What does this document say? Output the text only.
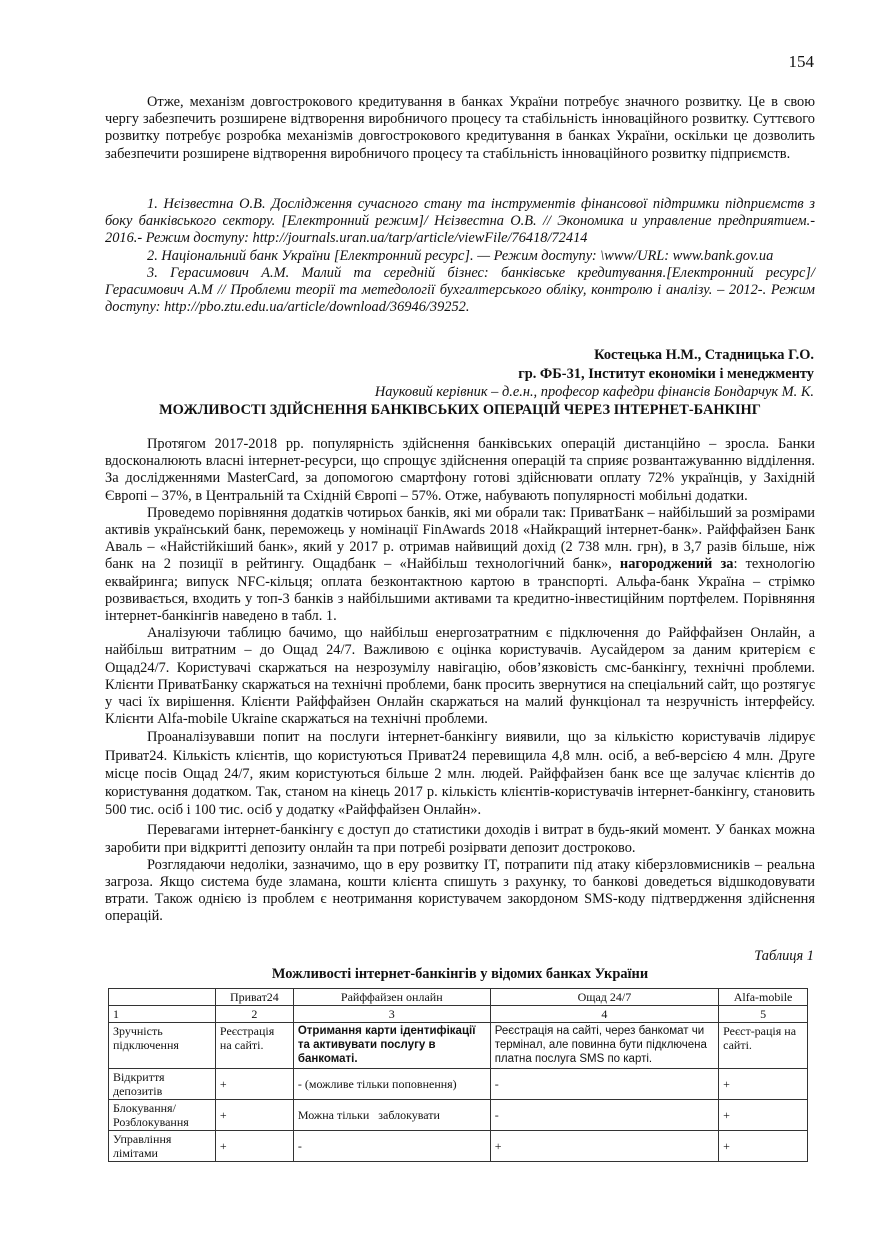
154

Отже, механізм довгострокового кредитування в банках України потребує значного розвитку. Це в свою чергу забезпечить розширене відтворення виробничого процесу та стабільність інноваційного розвитку. Суттєвого розвитку потребує розробка механізмів довгострокового кредитування в банках України, оскільки це дозволить забезпечити розширене відтворення виробничого процесу та стабільність інноваційного розвитку підприємств.

1. Нєізвестна О.В. Дослідження сучасного стану та інструментів фінансової підтримки підприємств з боку банківського сектору. [Електронний режим]/ Нєізвестна О.В. // Экономика и управление предприятием.- 2016.- Режим доступу: http://journals.uran.ua/tarp/article/viewFile/76418/72414

2. Національний банк України [Електронний ресурс]. — Режим доступу: \www/URL: www.bank.gov.ua

3. Герасимович А.М. Малий та середній бізнес: банківське кредитування.[Електронний ресурс]/ Герасимович А.М // Проблеми теорії та метедології бухгалтерського обліку, контролю і аналізу. – 2012-. Режим доступу: http://pbo.ztu.edu.ua/article/download/36946/39252.

Костецька Н.М., Стадницька Г.О.
гр. ФБ-31, Інститут економіки і менеджменту
Науковий керівник – д.е.н., професор кафедри фінансів Бондарчук М. К.
МОЖЛИВОСТІ ЗДІЙСНЕННЯ БАНКІВСЬКИХ ОПЕРАЦІЙ ЧЕРЕЗ ІНТЕРНЕТ-БАНКІНГ

Протягом 2017-2018 рр. популярність здійснення банківських операцій дистанційно – зросла. Банки вдосконалюють власні інтернет-ресурси, що спрощує здійснення операцій та сприяє розвантажуванню відділення. За дослідженнями MasterCard, за допомогою смартфону готові здійснювати оплату 72% українців, у Західній Європі – 37%, в Центральній та Східній Європі – 57%. Отже, набувають популярності мобільні додатки.

Проведемо порівняння додатків чотирьох банків, які ми обрали так: ПриватБанк – найбільший за розмірами активів український банк, переможець у номінації FinAwards 2018 «Найкращий інтернет-банк». Райффайзен Банк Аваль – «Найстійкіший банк», який у 2017 р. отримав найвищий дохід (2 738 млн. грн), в 3,7 разів більше, ніж банк на 2 позиції в рейтингу. Ощадбанк – «Найбільш технологічний банк», нагороджений за: технологію еквайринга; випуск NFC-кільця; оплата безконтактною картою в транспорті. Альфа-банк Україна – стрімко розвивається, входить у топ-3 банків з найбільшими активами та кредитно-інвестиційним портфелем. Порівняння інтернет-банкінгів наведено в табл. 1.

Аналізуючи таблицю бачимо, що найбільш енергозатратним є підключення до Райффайзен Онлайн, а найбільш витратним – до Ощад 24/7. Важливою є оцінка користувачів. Аусайдером за даним критерієм є Ощад24/7. Користувачі скаржаться на незрозумілу навігацію, обов’язковість смс-банкінгу, технічні проблеми. Клієнти ПриватБанку скаржаться на технічні проблеми, банк просить звернутися на спеціальний сайт, що розтягує у часі їх вирішення. Клієнти Райффайзен Онлайн скаржаться на малий функціонал та незручність інтерфейсу. Клієнти Alfa-mobile Ukraine скаржаться на технічні проблеми.

Проаналізувавши попит на послуги інтернет-банкінгу виявили, що за кількістю користувачів лідирує Приват24. Кількість клієнтів, що користуються Приват24 перевищила 4,8 млн. осіб, а веб-версією 4 млн. Друге місце посів Ощад 24/7, яким користуються більше 2 млн. людей. Райффайзен банк все ще залучає клієнтів до користування додатком. Так, станом на кінець 2017 р. кількість клієнтів-користувачів інтернет-банкінгу, становить 500 тис. осіб і 100 тис. осіб у додатку «Райффайзен Онлайн».

Перевагами інтернет-банкінгу є доступ до статистики доходів і витрат в будь-який момент. У банках можна заробити при відкритті депозиту онлайн та при потребі розірвати депозит достроково.

Розглядаючи недоліки, зазначимо, що в еру розвитку IT, потрапити під атаку кіберзловмисників – реальна загроза. Якщо система буде зламана, кошти клієнта спишуть з рахунку, то банкові доведеться відшкодовувати втрати. Також однією із проблем є неотримання користувачем закордоном SMS-коду підтвердження здійснення операцій.

Таблиця 1
Можливості інтернет-банкінгів у відомих банках України
	Приват24	Райффайзен онлайн	Ощад 24/7	Alfa-mobile
1	2	3	4	5
Зручність підключення	Реєстрація на сайті.	Отримання карти ідентифікації та активувати послугу в банкоматі.	Реєстрація на сайті, через банкомат чи термінал, але повинна бути підключена платна послуга SMS по карті.	Реєст-рація на сайті.
Відкриття депозитів	+	- (можливе тільки поповнення)	-	+
Блокування/ Розблокування	+	Можна тільки   заблокувати	-	+
Управління лімітами	+	-	+	+
